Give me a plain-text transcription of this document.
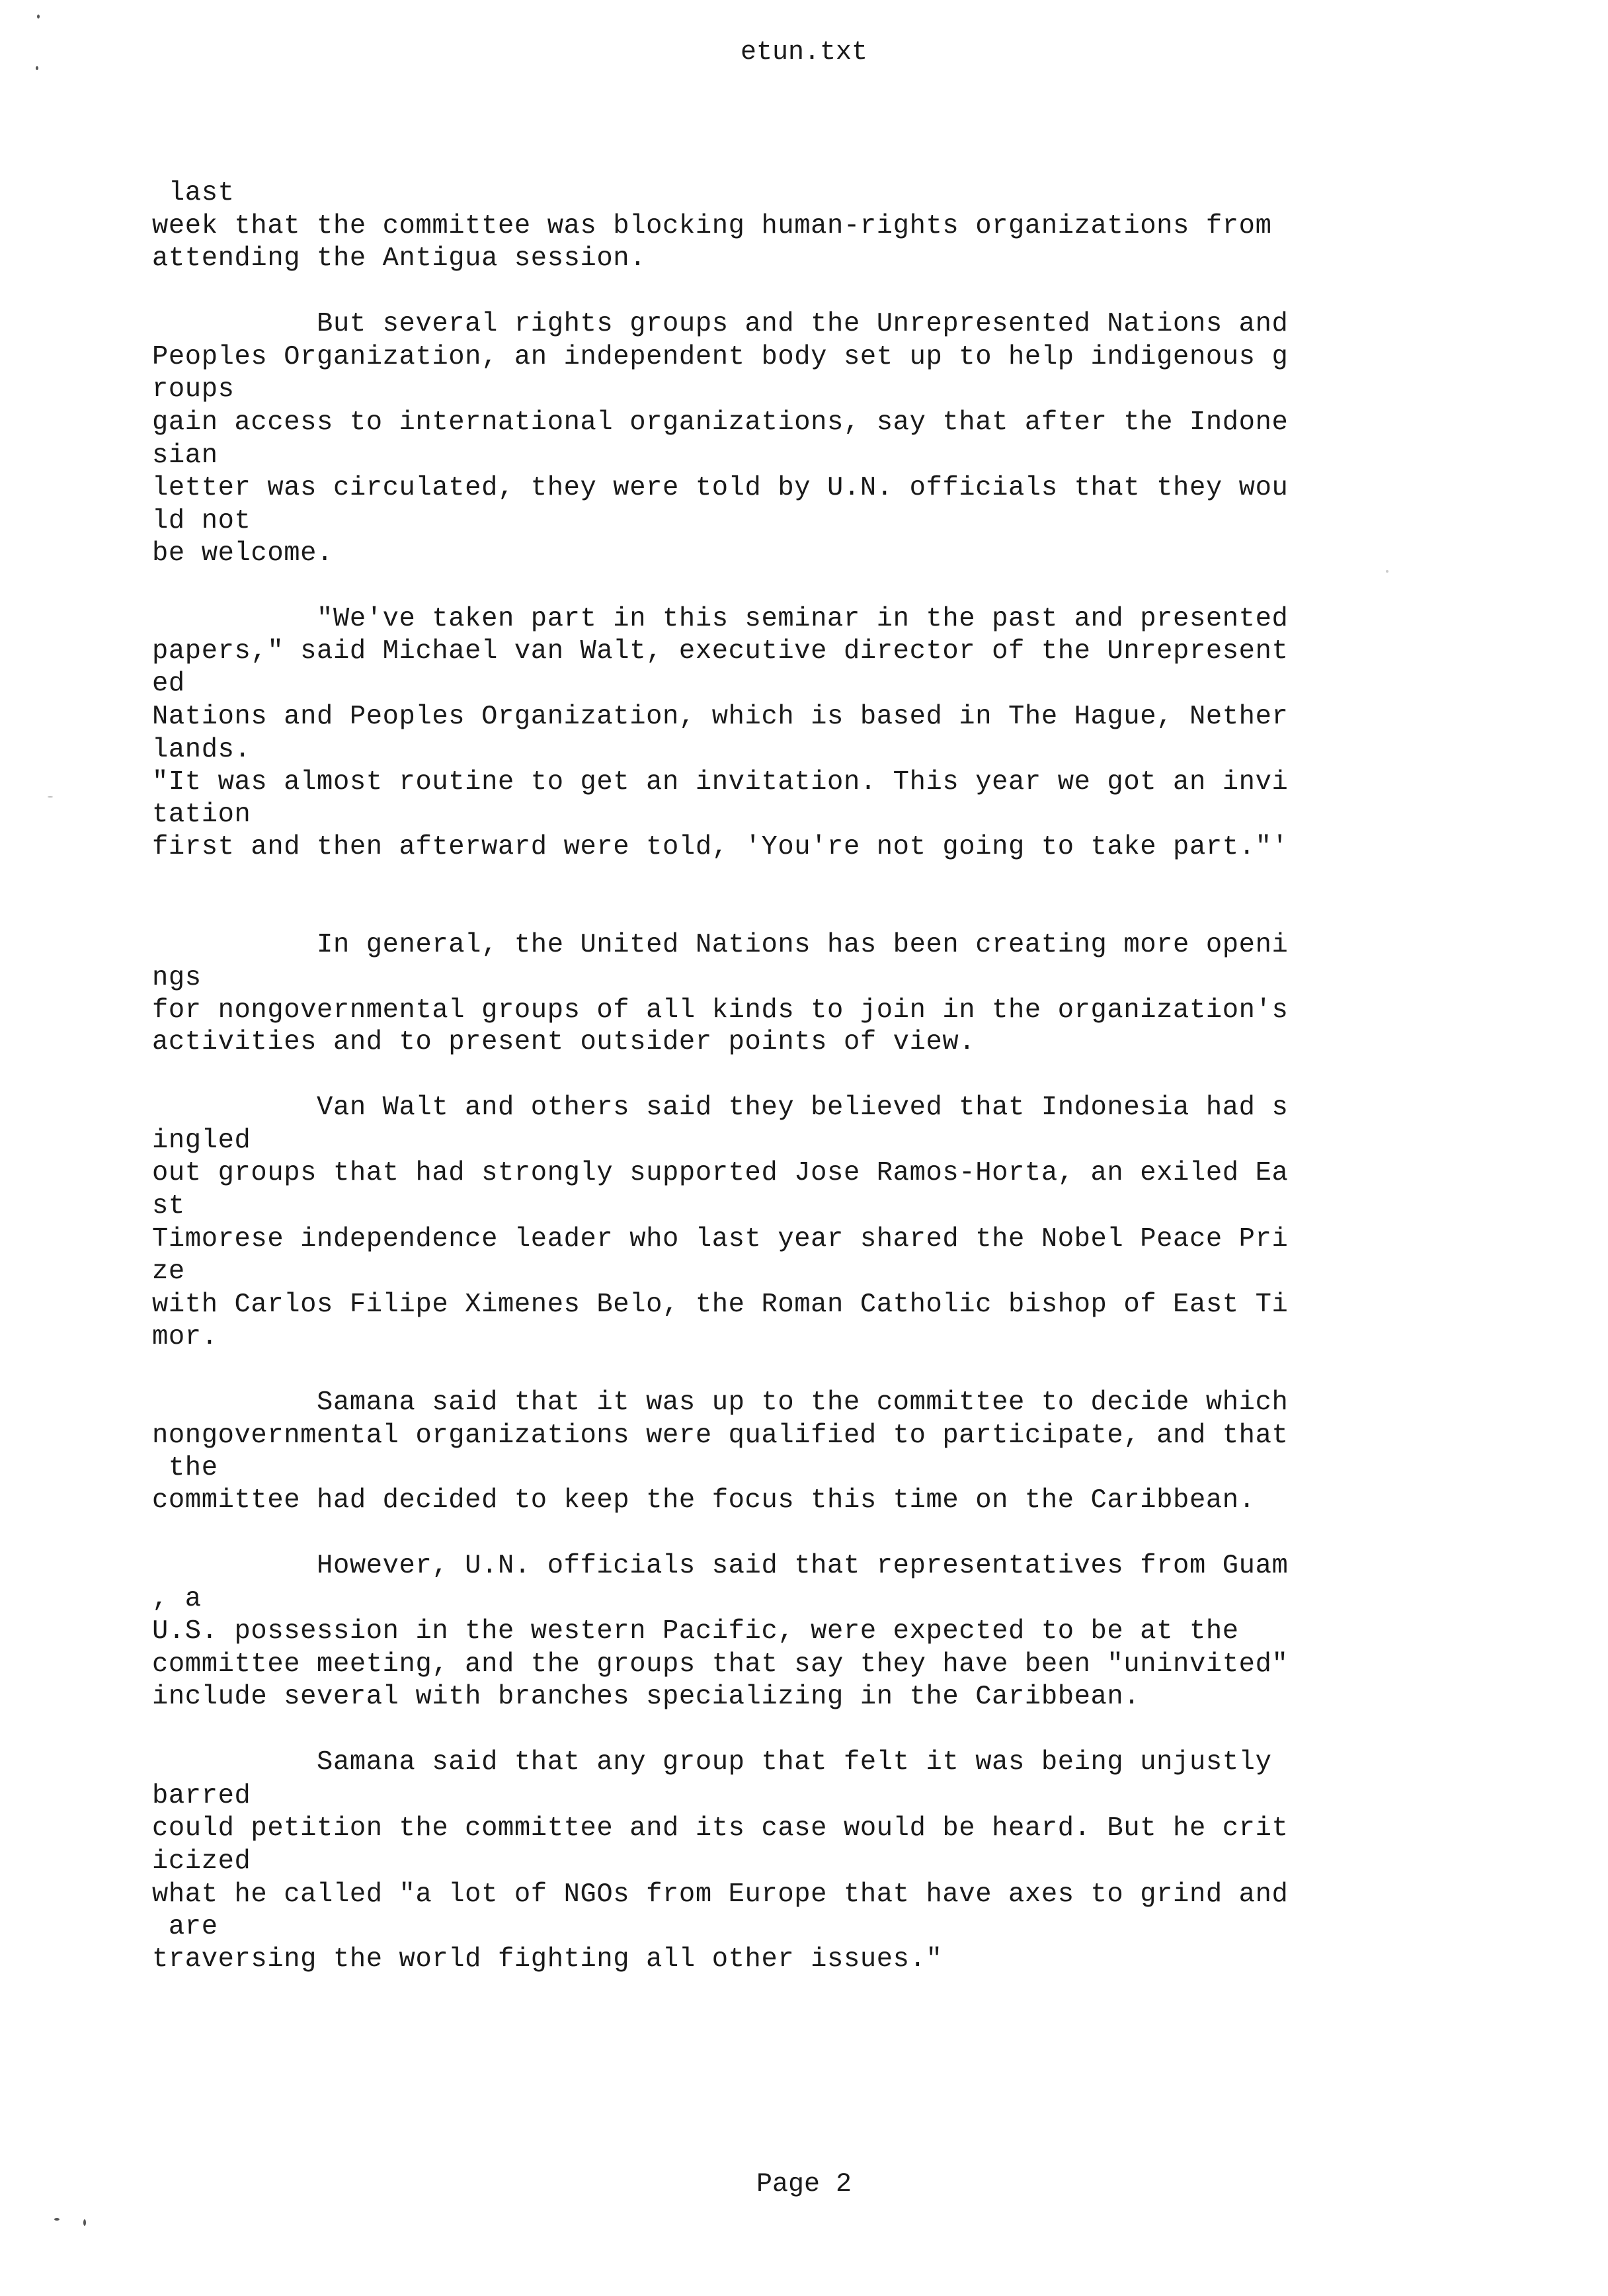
etun.txt
last
week that the committee was blocking human-rights organizations from
attending the Antigua session.
But several rights groups and the Unrepresented Nations and
Peoples Organization, an independent body set up to help indigenous g
roups
gain access to international organizations, say that after the Indone
sian
letter was circulated, they were told by U.N. officials that they wou
ld not
be welcome.
"We've taken part in this seminar in the past and presented
papers," said Michael van Walt, executive director of the Unrepresent
ed
Nations and Peoples Organization, which is based in The Hague, Nether
lands.
"It was almost routine to get an invitation. This year we got an invi
tation
first and then afterward were told, 'You're not going to take part."'
In general, the United Nations has been creating more openi
ngs
for nongovernmental groups of all kinds to join in the organization's
activities and to present outsider points of view.
Van Walt and others said they believed that Indonesia had s
ingled
out groups that had strongly supported Jose Ramos-Horta, an exiled Ea
st
Timorese independence leader who last year shared the Nobel Peace Pri
ze
with Carlos Filipe Ximenes Belo, the Roman Catholic bishop of East Ti
mor.
Samana said that it was up to the committee to decide which
nongovernmental organizations were qualified to participate, and that
the
committee had decided to keep the focus this time on the Caribbean.
However, U.N. officials said that representatives from Guam
, a
U.S. possession in the western Pacific, were expected to be at the
committee meeting, and the groups that say they have been "uninvited"
include several with branches specializing in the Caribbean.
Samana said that any group that felt it was being unjustly
barred
could petition the committee and its case would be heard. But he crit
icized
what he called "a lot of NGOs from Europe that have axes to grind and
are
traversing the world fighting all other issues."
Page 2
